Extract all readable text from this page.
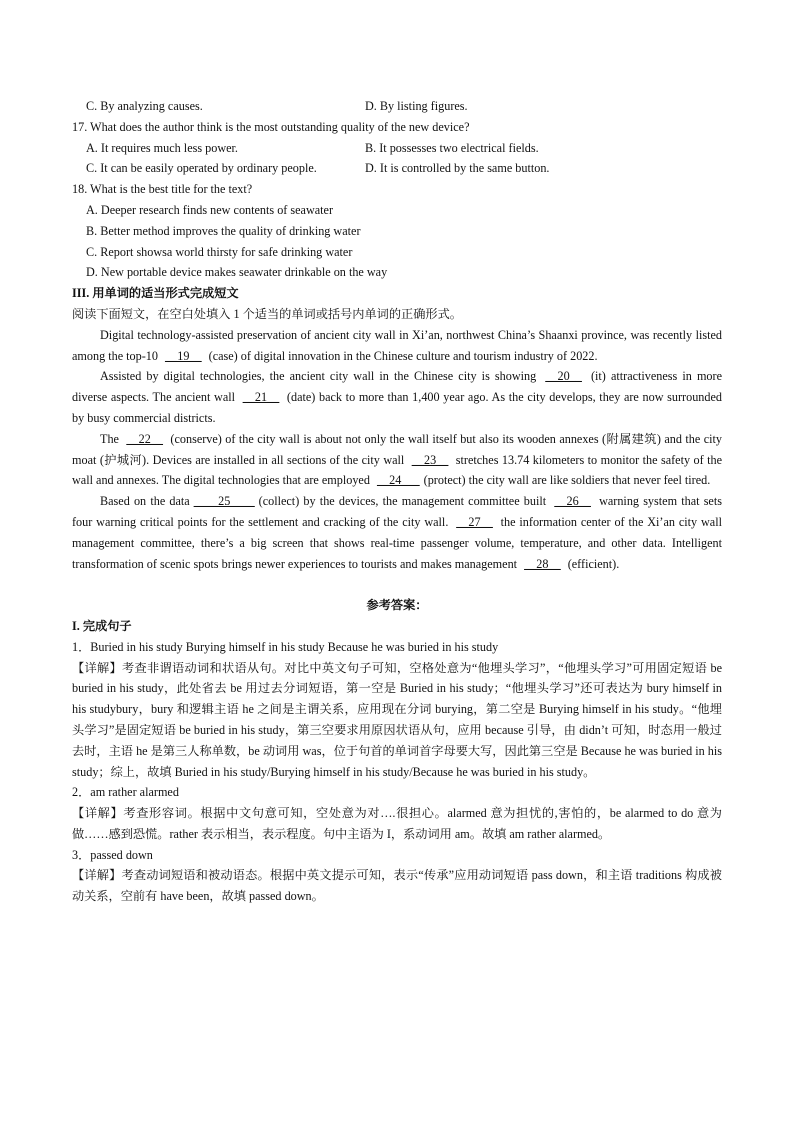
C. By analyzing causes.	D. By listing figures.
17. What does the author think is the most outstanding quality of the new device?
A. It requires much less power.	B. It possesses two electrical fields.
C. It can be easily operated by ordinary people.	D. It is controlled by the same button.
18. What is the best title for the text?
A. Deeper research finds new contents of seawater
B. Better method improves the quality of drinking water
C. Report showsa world thirsty for safe drinking water
D. New portable device makes seawater drinkable on the way
III. 用单词的适当形式完成短文
阅读下面短文，在空白处填入 1 个适当的单词或括号内单词的正确形式。

Digital technology-assisted preservation of ancient city wall in Xi’an, northwest China’s Shaanxi province, was recently listed among the top-10 __19__ (case) of digital innovation in the Chinese culture and tourism industry of 2022.

Assisted by digital technologies, the ancient city wall in the Chinese city is showing __20__ (it) attractiveness in more diverse aspects. The ancient wall __21__ (date) back to more than 1,400 year ago. As the city develops, they are now surrounded by busy commercial districts.

The __22__ (conserve) of the city wall is about not only the wall itself but also its wooden annexes (附属建筑) and the city moat (护城河). Devices are installed in all sections of the city wall __23__ stretches 13.74 kilometers to monitor the safety of the wall and annexes. The digital technologies that are employed __24___ (protect) the city wall are like soldiers that never feel tired.

Based on the data ____25____ (collect) by the devices, the management committee built __26__ warning system that sets four warning critical points for the settlement and cracking of the city wall. __27__ the information center of the Xi’an city wall management committee, there’s a big screen that shows real-time passenger volume, temperature, and other data. Intelligent transformation of scenic spots brings newer experiences to tourists and makes management __28__ (efficient).

参考答案：
I. 完成句子
1．Buried in his study Burying himself in his study Because he was buried in his study

【详解】考查非谓语动词和状语从句。对比中英文句子可知，空格处意为“他埋头学习”，“他埋头学习”可用固定短语 be buried in his study，此处省去 be 用过去分词短语，第一空是 Buried in his study；“他埋头学习”还可表达为 bury himself in his studybury，bury 和逻辑主语 he 之间是主谓关系，应用现在分词 burying，第二空是 Burying himself in his study。“他埋头学习”是固定短语 be buried in his study，第三空要求用原因状语从句，应用 because 引导，由 didn’t 可知，时态用一般过去时，主语 he 是第三人称单数，be 动词用 was，位于句首的单词首字母要大写，因此第三空是 Because he was buried in his study；综上，故填 Buried in his study/Burying himself in his study/Because he was buried in his study。

2．am rather alarmed

【详解】考查形容词。根据中文句意可知，空处意为对….很担心。alarmed 意为担忧的,害怕的，be alarmed to do 意为做……感到恐慌。rather 表示相当，表示程度。句中主语为 I，系动词用 am。故填 am rather alarmed。

3．passed down

【详解】考查动词短语和被动语态。根据中英文提示可知，表示“传承”应用动词短语 pass down，和主语 traditions 构成被动关系，空前有 have been，故填 passed down。
